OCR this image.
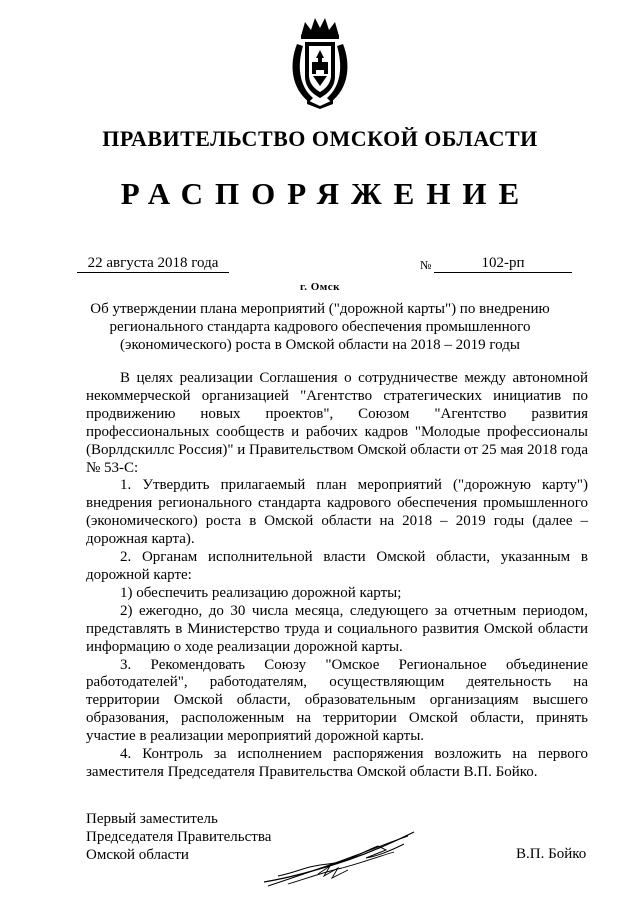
ПРАВИТЕЛЬСТВО ОМСКОЙ ОБЛАСТИ
РАСПОРЯЖЕНИЕ
22 августа 2018 года	№	102-рп
г. Омск
Об утверждении плана мероприятий ("дорожной карты") по внедрению регионального стандарта кадрового обеспечения промышленного (экономического) роста в Омской области на 2018 – 2019 годы

В целях реализации Соглашения о сотрудничестве между автономной некоммерческой организацией "Агентство стратегических инициатив по продвижению новых проектов", Союзом "Агентство развития профессиональных сообществ и рабочих кадров "Молодые профессионалы (Ворлдскиллс Россия)" и Правительством Омской области от 25 мая 2018 года № 53-С:

1. Утвердить прилагаемый план мероприятий ("дорожную карту") внедрения регионального стандарта кадрового обеспечения промышленного (экономического) роста в Омской области на 2018 – 2019 годы (далее – дорожная карта).

2. Органам исполнительной власти Омской области, указанным в дорожной карте:

1) обеспечить реализацию дорожной карты;

2) ежегодно, до 30 числа месяца, следующего за отчетным периодом, представлять в Министерство труда и социального развития Омской области информацию о ходе реализации дорожной карты.

3. Рекомендовать Союзу "Омское Региональное объединение работодателей", работодателям, осуществляющим деятельность на территории Омской области, образовательным организациям высшего образования, расположенным на территории Омской области, принять участие в реализации мероприятий дорожной карты.

4. Контроль за исполнением распоряжения возложить на первого заместителя Председателя Правительства Омской области В.П. Бойко.

Первый заместитель
Председателя Правительства
Омской области	В.П. Бойко
